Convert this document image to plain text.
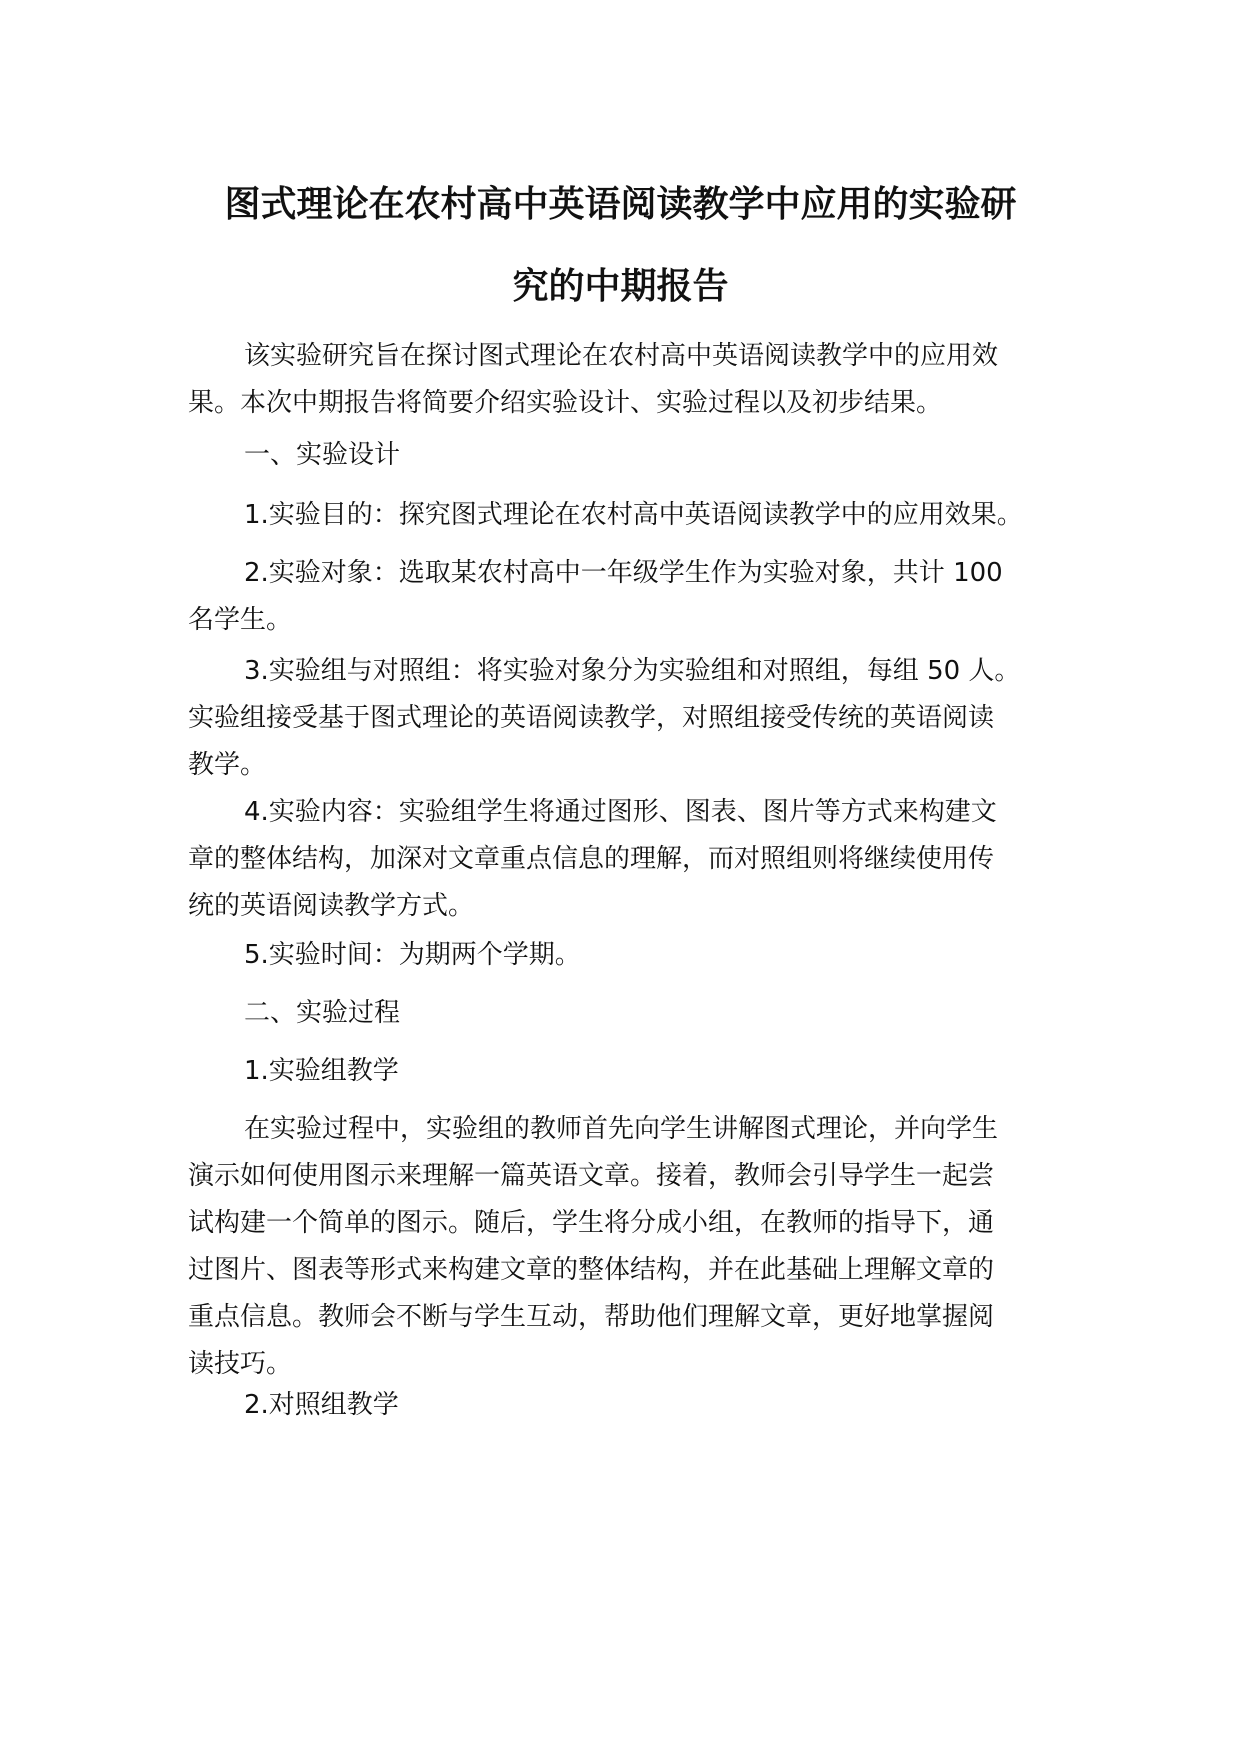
图式理论在农村高中英语阅读教学中应用的实验研
究的中期报告
该实验研究旨在探讨图式理论在农村高中英语阅读教学中的应用效
果。本次中期报告将简要介绍实验设计、实验过程以及初步结果。
一、实验设计
1.实验目的：探究图式理论在农村高中英语阅读教学中的应用效果。
2.实验对象：选取某农村高中一年级学生作为实验对象，共计 100
名学生。
3.实验组与对照组：将实验对象分为实验组和对照组，每组 50 人。
实验组接受基于图式理论的英语阅读教学，对照组接受传统的英语阅读
教学。
4.实验内容：实验组学生将通过图形、图表、图片等方式来构建文
章的整体结构，加深对文章重点信息的理解，而对照组则将继续使用传
统的英语阅读教学方式。
5.实验时间：为期两个学期。
二、实验过程
1.实验组教学
在实验过程中，实验组的教师首先向学生讲解图式理论，并向学生
演示如何使用图示来理解一篇英语文章。接着，教师会引导学生一起尝
试构建一个简单的图示。随后，学生将分成小组，在教师的指导下，通
过图片、图表等形式来构建文章的整体结构，并在此基础上理解文章的
重点信息。教师会不断与学生互动，帮助他们理解文章，更好地掌握阅
读技巧。
2.对照组教学
